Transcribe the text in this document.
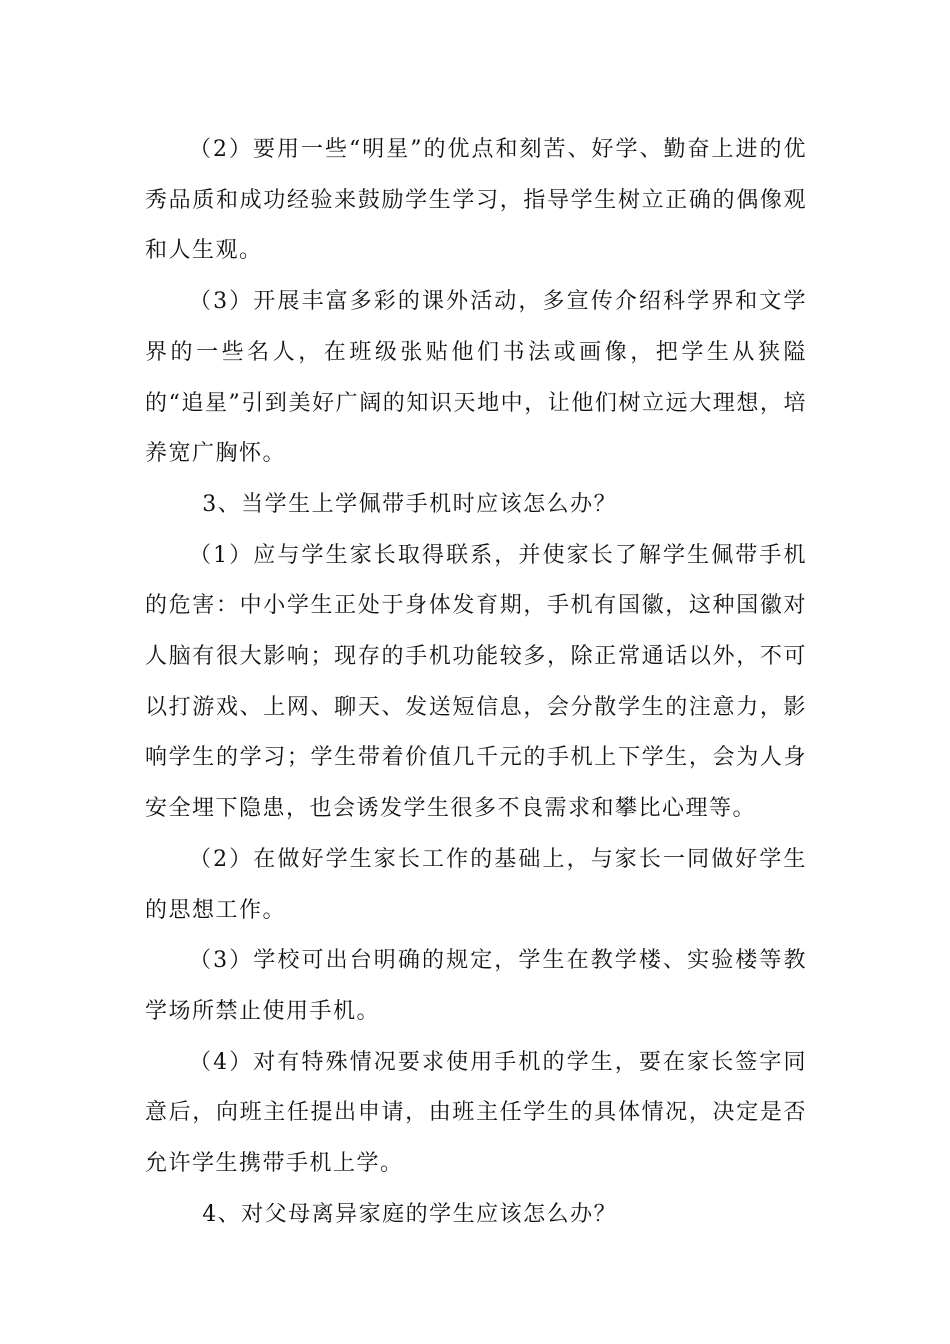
（2）要用一些“明星”的优点和刻苦、好学、勤奋上进的优秀品质和成功经验来鼓励学生学习，指导学生树立正确的偶像观和人生观。

（3）开展丰富多彩的课外活动，多宣传介绍科学界和文学界的一些名人，在班级张贴他们书法或画像，把学生从狭隘的“追星”引到美好广阔的知识天地中，让他们树立远大理想，培养宽广胸怀。

3、当学生上学佩带手机时应该怎么办？

（1）应与学生家长取得联系，并使家长了解学生佩带手机的危害：中小学生正处于身体发育期，手机有国徽，这种国徽对人脑有很大影响；现存的手机功能较多，除正常通话以外，不可以打游戏、上网、聊天、发送短信息，会分散学生的注意力，影响学生的学习；学生带着价值几千元的手机上下学生，会为人身安全埋下隐患，也会诱发学生很多不良需求和攀比心理等。

（2）在做好学生家长工作的基础上，与家长一同做好学生的思想工作。

（3）学校可出台明确的规定，学生在教学楼、实验楼等教学场所禁止使用手机。

（4）对有特殊情况要求使用手机的学生，要在家长签字同意后，向班主任提出申请，由班主任学生的具体情况，决定是否允许学生携带手机上学。

4、对父母离异家庭的学生应该怎么办？
